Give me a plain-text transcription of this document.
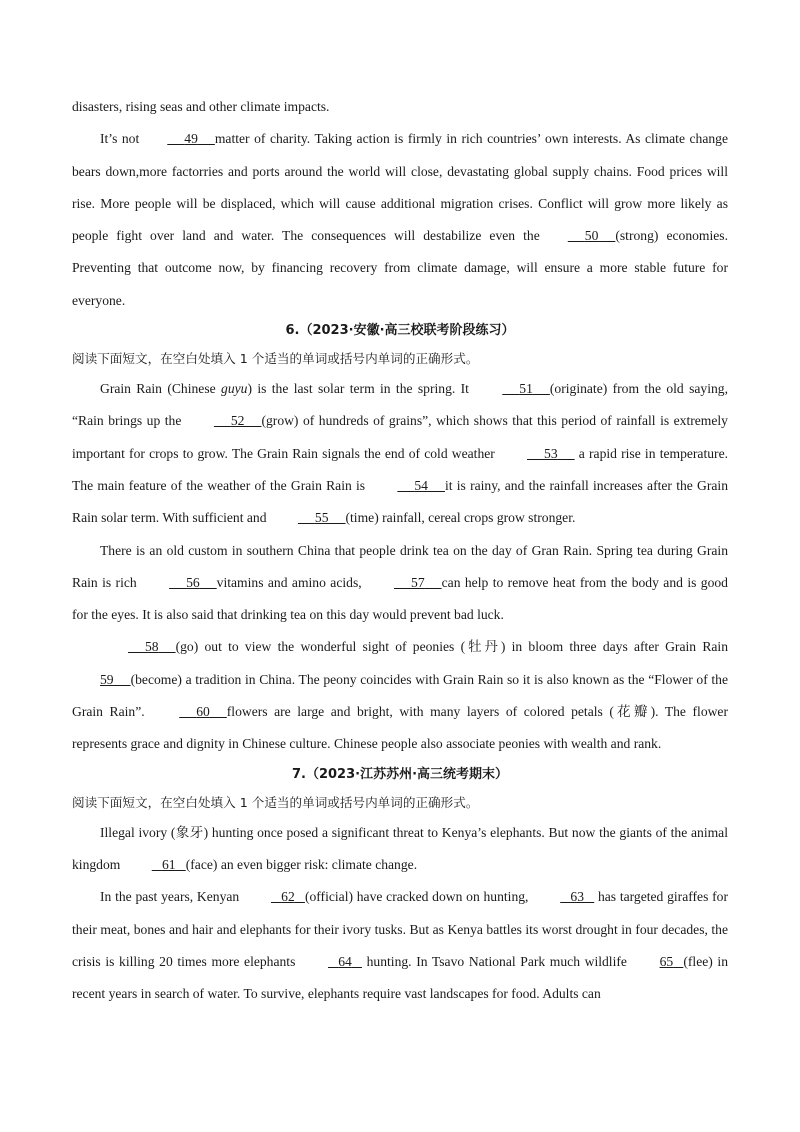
disasters, rising seas and other climate impacts.

It’s not	49 matter of charity. Taking action is firmly in rich countries’ own interests. As climate change bears down,more factorries and ports around the world will close, devastating global supply chains. Food prices will rise. More people will be displaced, which will cause additional migration crises. Conflict will grow more likely as people fight over land and water. The consequences will destabilize even the	50 (strong) economies. Preventing that outcome now, by financing recovery from climate damage, will ensure a more stable future for everyone.

6.（2023·安徽·高三校联考阶段练习）

阅读下面短文，在空白处填入 1 个适当的单词或括号内单词的正确形式。

Grain Rain (Chinese guyu) is the last solar term in the spring. It	51 (originate) from the old saying, “Rain brings up the	52 (grow) of hundreds of grains”, which shows that this period of rainfall is extremely important for crops to grow. The Grain Rain signals the end of cold weather	53 a rapid rise in temperature. The main feature of the weather of the Grain Rain is	54 it is rainy, and the rainfall increases after the Grain Rain solar term. With sufficient and	55 (time) rainfall, cereal crops grow stronger.

There is an old custom in southern China that people drink tea on the day of Gran Rain. Spring tea during Grain Rain is rich	56 vitamins and amino acids,	57 can help to remove heat from the body and is good for the eyes. It is also said that drinking tea on this day would prevent bad luck.

58 (go) out to view the wonderful sight of peonies (牡丹) in bloom three days after Grain Rain 59 (become) a tradition in China. The peony coincides with Grain Rain so it is also known as the “Flower of the Grain Rain”.	60 flowers are large and bright, with many layers of colored petals (花瓣). The flower represents grace and dignity in Chinese culture. Chinese people also associate peonies with wealth and rank.

7.（2023·江苏苏州·高三统考期末）

阅读下面短文，在空白处填入 1 个适当的单词或括号内单词的正确形式。

Illegal ivory (象牙) hunting once posed a significant threat to Kenya’s elephants. But now the giants of the animal kingdom	61 (face) an even bigger risk: climate change.

In the past years, Kenyan	62 (official) have cracked down on hunting,	63 has targeted giraffes for their meat, bones and hair and elephants for their ivory tusks. But as Kenya battles its worst drought in four decades, the crisis is killing 20 times more elephants	64 hunting. In Tsavo National Park much wildlife 65 (flee) in recent years in search of water. To survive, elephants require vast landscapes for food. Adults can
